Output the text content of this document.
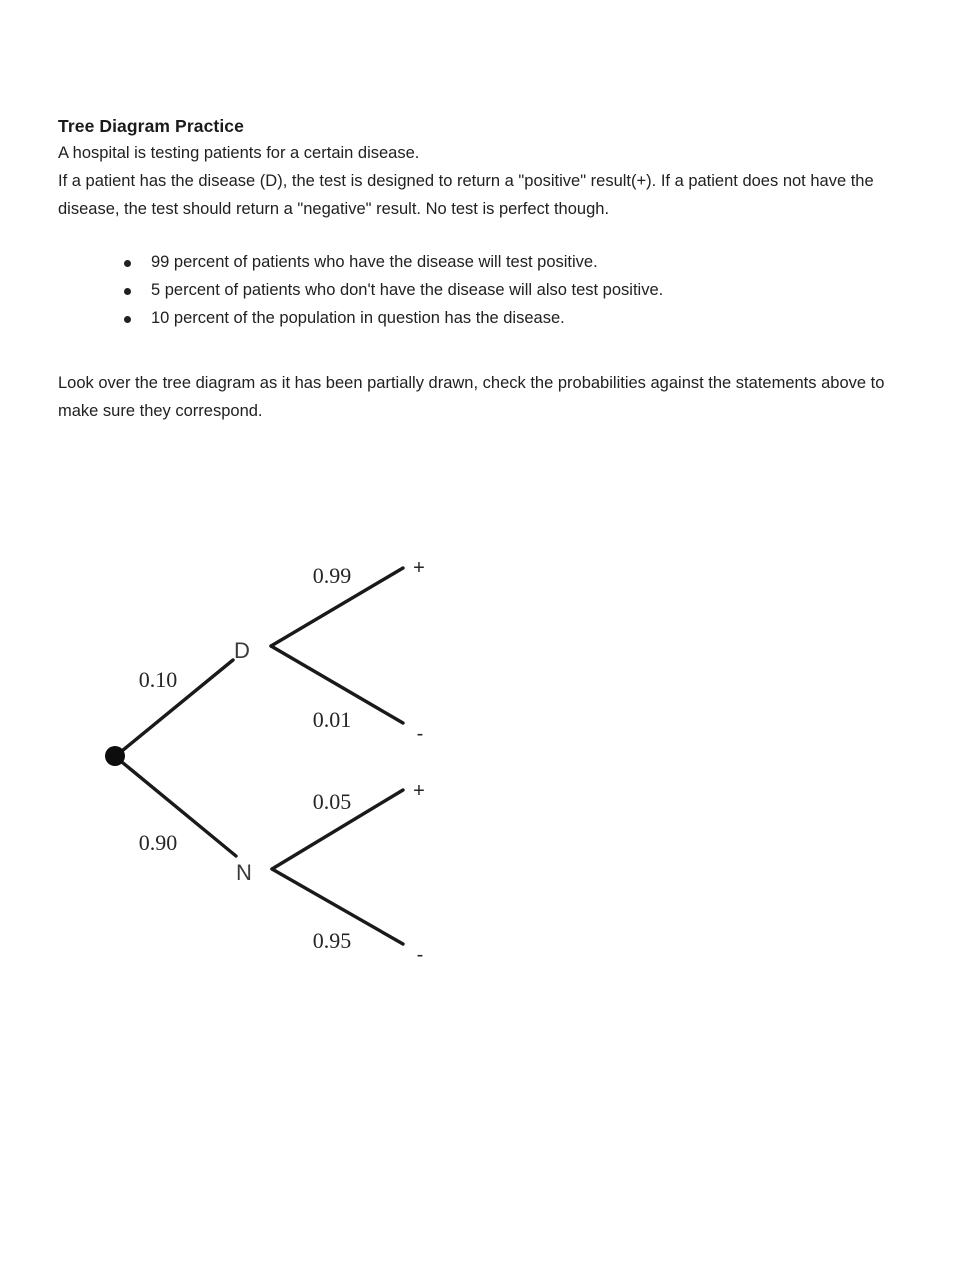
Tree Diagram Practice

A hospital is testing patients for a certain disease.

If a patient has the disease (D), the test is designed to return a "positive" result(+). If a patient does not have the disease, the test should return a "negative" result. No test is perfect though.

99 percent of patients who have the disease will test positive.
5 percent of patients who don't have the disease will also test positive.
10 percent of the population in question has the disease.

Look over the tree diagram as it has been partially drawn, check the probabilities against the statements above to make sure they correspond.

D
N
+
-
+
-
0.10
0.90
0.99
0.01
0.05
0.95
